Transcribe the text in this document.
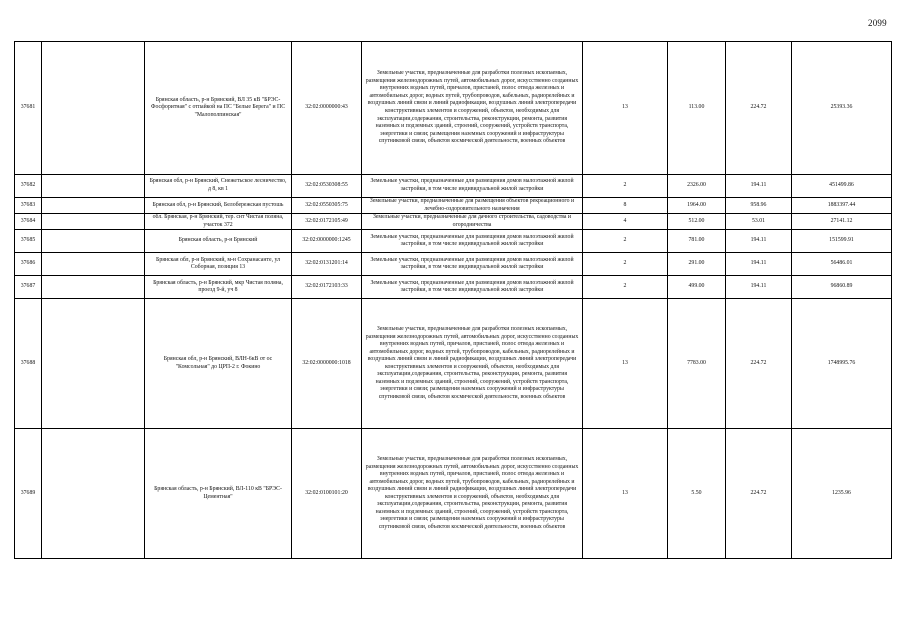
2099
37681		Брянская область, р-н Брянский, ВЛ 35 кВ "БРЭС-Фосфоритная" с отпайкой на ПС "Белые Берега" и ПС "Малополпинская"	32:02:0000000:43	Земельные участки, предназначенные для разработки полезных ископаемых, размещения железнодорожных путей, автомобильных дорог, искусственно созданных внутренних водных путей, причалов, пристаней, полос отвода железных и автомобильных дорог, водных путей, трубопроводов, кабельных, радиорелейных и воздушных линий связи и линий радиофикации, воздушных линий электропередачи конструктивных элементов и сооружений, объектов, необходимых для эксплуатации,содержания, строительства, реконструкции, ремонта, развития наземных и подземных зданий, строений, сооружений, устройств транспорта, энергетики и связи; размещения наземных сооружений и инфраструктуры спутниковой связи, объектов космической деятельности, военных объектов	13	113.00	224.72	25393.36
37682		Брянская обл, р-н Брянский, Снежетьское лесничество, д 8, кв 1	32:02:0530308:55	Земельные участки, предназначенные для размещения домов малоэтажной жилой застройки, в том числе индивидуальной жилой застройки	2	2326.00	194.11	451499.86
37683		Брянская обл, р-н Брянский, Белобережская пустошь	32:02:0550305:75	Земельные участки, предназначенные для размещения объектов рекреационного и лечебно-оздоровительного назначения	8	1964.00	958.96	1883397.44
37684		обл. Брянская, р-н Брянский, тер. снт Чистая поляна, участок 372	32:02:0172105:49	Земельные участки, предназначенные для дачного строительства, садоводства и огородничества	4	512.00	53.01	27141.12
37685		Брянская область, р-н Брянский	32:02:0000000:1245	Земельные участки, предназначенные для размещения домов малоэтажной жилой застройки, в том числе индивидуальной жилой застройки	2	781.00	194.11	151599.91
37686		Брянская обл, р-н Брянский, м-н Сохранасанте, ул Соборная, позиция 13	32:02:0131201:14	Земельные участки, предназначенные для размещения домов малоэтажной жилой застройки, в том числе индивидуальной жилой застройки	2	291.00	194.11	56486.01
37687		Брянская область, р-н Брянский, мкр Чистая поляна, проезд 9-й, уч 8	32:02:0172103:33	Земельные участки, предназначенные для размещения домов малоэтажной жилой застройки, в том числе индивидуальной жилой застройки	2	499.00	194.11	96860.89
37688		Брянская обл, р-н Брянский, ВЛН-6кВ от ос "Комсольная" до ЦРП-2 г. Фокино	32:02:0000000:1018	Земельные участки, предназначенные для разработки полезных ископаемых, размещения железнодорожных путей, автомобильных дорог, искусственно созданных внутренних водных путей, причалов, пристаней, полос отвода железных и автомобильных дорог, водных путей, трубопроводов, кабельных, радиорелейных и воздушных линий связи и линий радиофикации, воздушных линий электропередачи конструктивных элементов и сооружений, объектов, необходимых для эксплуатации,содержания, строительства, реконструкции, ремонта, развития наземных и подземных зданий, строений, сооружений, устройств транспорта, энергетики и связи; размещения наземных сооружений и инфраструктуры спутниковой связи, объектов космической деятельности, военных объектов	13	7783.00	224.72	1748995.76
37689		Брянская область, р-н Брянский, ВЛ-110 кВ "БРЭС-Цементная"	32:02:0100101:20	Земельные участки, предназначенные для разработки полезных ископаемых, размещения железнодорожных путей, автомобильных дорог, искусственно созданных внутренних водных путей, причалов, пристаней, полос отвода железных и автомобильных дорог, водных путей, трубопроводов, кабельных, радиорелейных и воздушных линий связи и линий радиофикации, воздушных линий электропередачи конструктивных элементов и сооружений, объектов, необходимых для эксплуатации,содержания, строительства, реконструкции, ремонта, развития наземных и подземных зданий, строений, сооружений, устройств транспорта, энергетики и связи; размещения наземных сооружений и инфраструктуры спутниковой связи, объектов космической деятельности, военных объектов	13	5.50	224.72	1235.96
